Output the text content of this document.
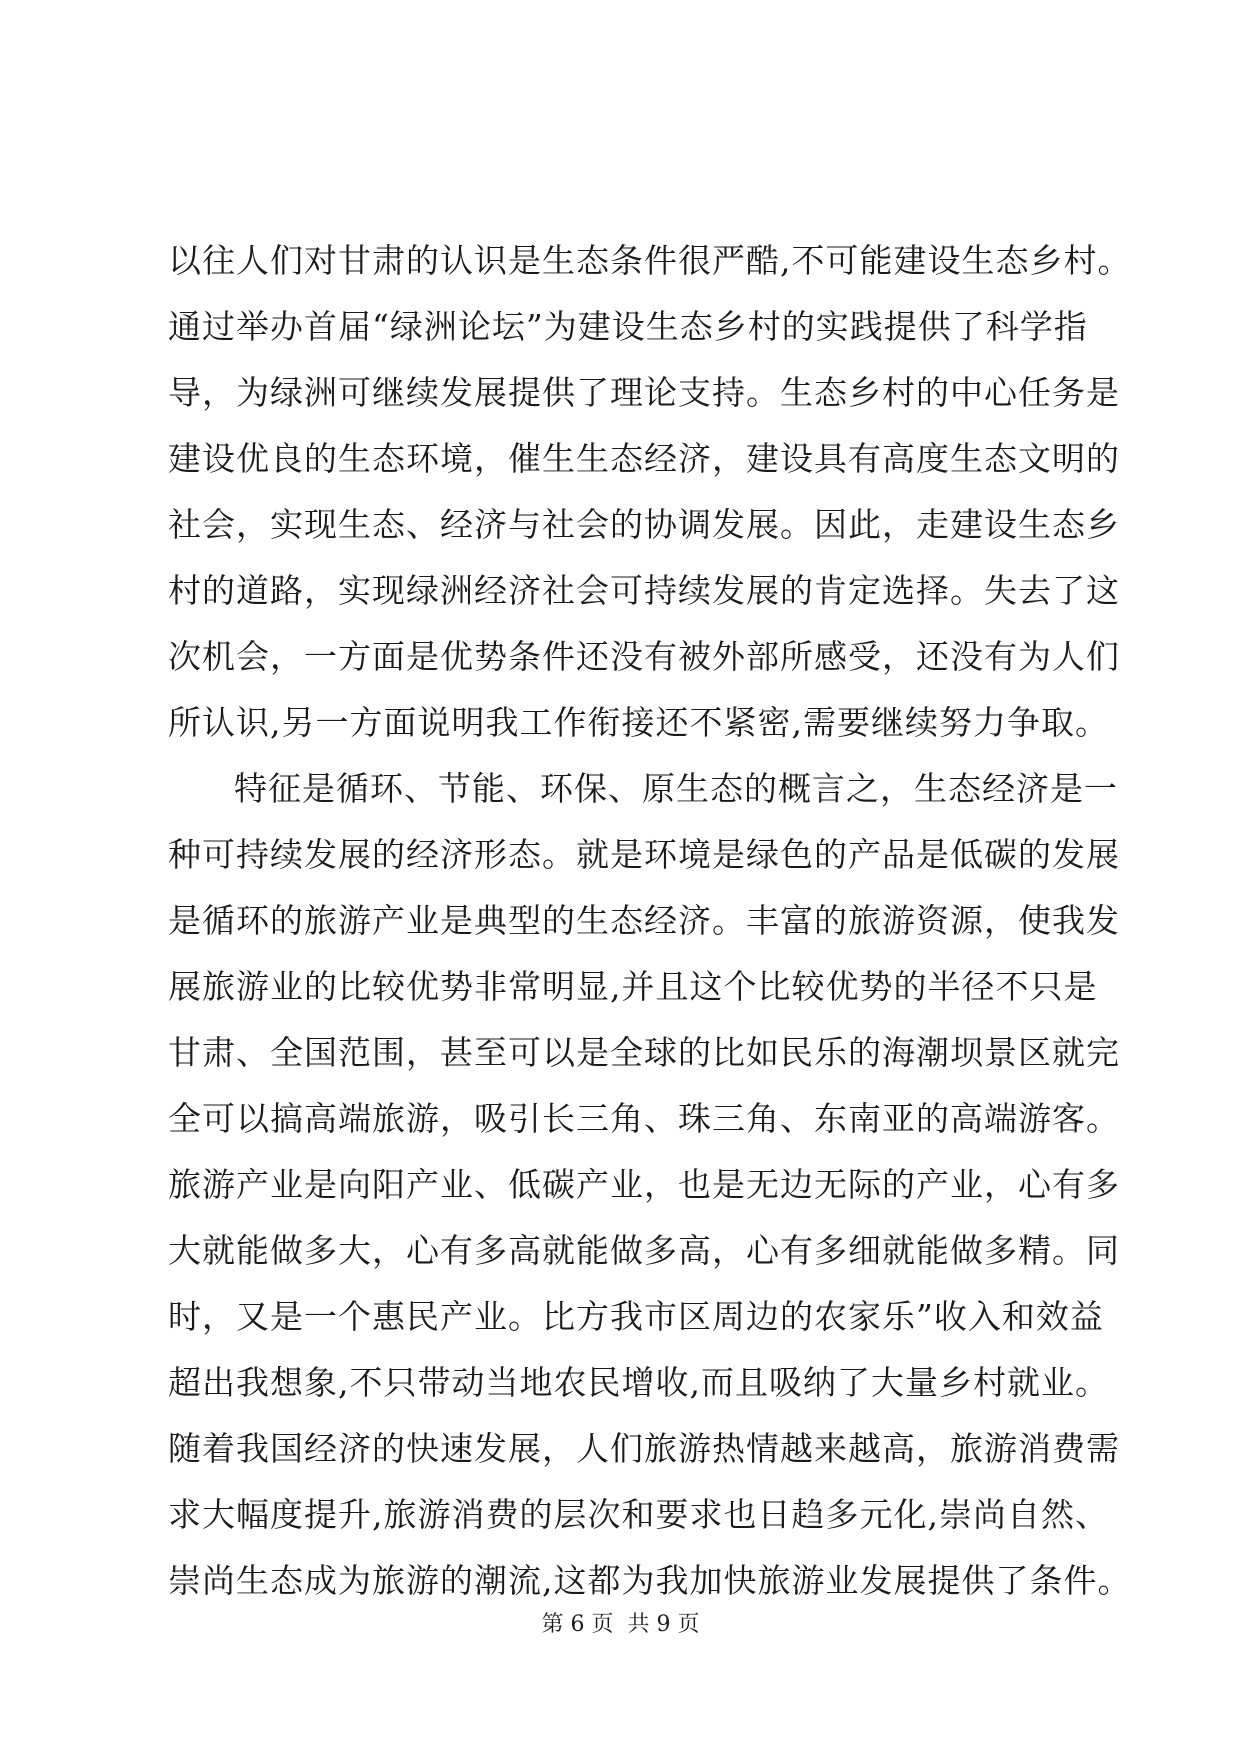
以往人们对甘肃的认识是生态条件很严酷,不可能建设生态乡村。
通过举办首届“绿洲论坛”为建设生态乡村的实践提供了科学指
导，为绿洲可继续发展提供了理论支持。生态乡村的中心任务是
建设优良的生态环境，催生生态经济，建设具有高度生态文明的
社会，实现生态、经济与社会的协调发展。因此，走建设生态乡
村的道路，实现绿洲经济社会可持续发展的肯定选择。失去了这
次机会，一方面是优势条件还没有被外部所感受，还没有为人们
所认识,另一方面说明我工作衔接还不紧密,需要继续努力争取。
特征是循环、节能、环保、原生态的概言之，生态经济是一
种可持续发展的经济形态。就是环境是绿色的产品是低碳的发展
是循环的旅游产业是典型的生态经济。丰富的旅游资源，使我发
展旅游业的比较优势非常明显,并且这个比较优势的半径不只是
甘肃、全国范围，甚至可以是全球的比如民乐的海潮坝景区就完
全可以搞高端旅游，吸引长三角、珠三角、东南亚的高端游客。
旅游产业是向阳产业、低碳产业，也是无边无际的产业，心有多
大就能做多大，心有多高就能做多高，心有多细就能做多精。同
时，又是一个惠民产业。比方我市区周边的农家乐”收入和效益
超出我想象,不只带动当地农民增收,而且吸纳了大量乡村就业。
随着我国经济的快速发展，人们旅游热情越来越高，旅游消费需
求大幅度提升,旅游消费的层次和要求也日趋多元化,崇尚自然、
崇尚生态成为旅游的潮流,这都为我加快旅游业发展提供了条件。
第 6 页  共 9 页
